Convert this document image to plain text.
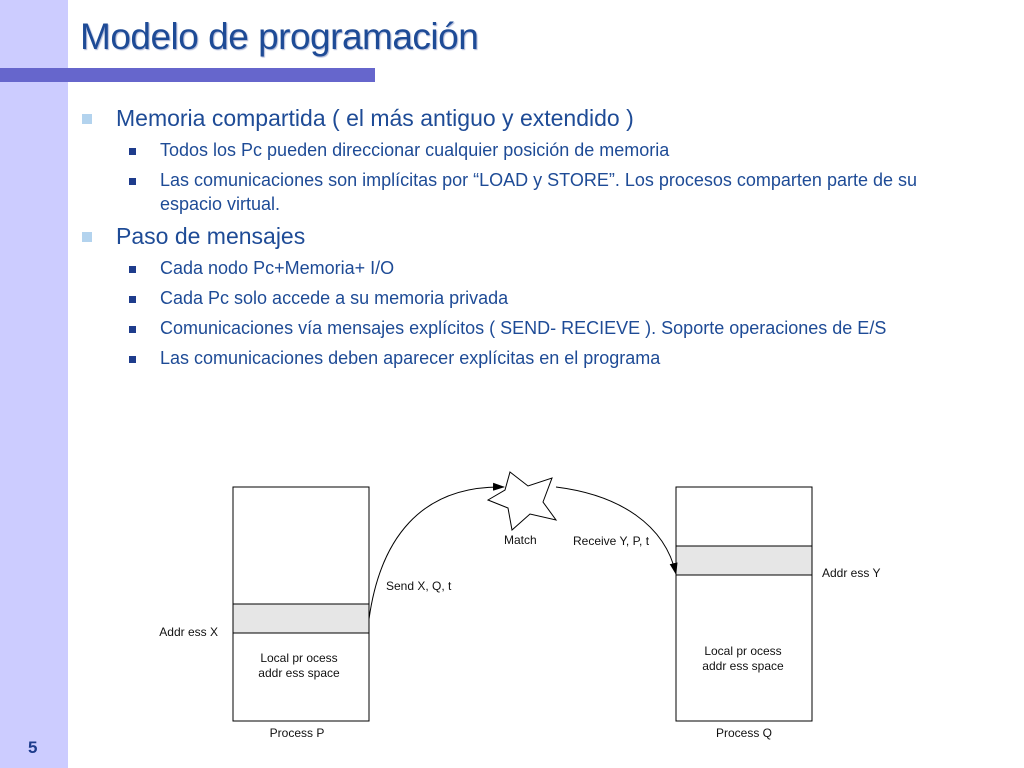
Modelo de programación
Memoria compartida ( el más antiguo y extendido )
Todos los Pc pueden direccionar cualquier posición de memoria
Las comunicaciones son implícitas por “LOAD y STORE”. Los procesos comparten parte de su espacio virtual.
Paso de mensajes
Cada nodo Pc+Memoria+ I/O
Cada Pc solo accede a su memoria privada
Comunicaciones vía mensajes explícitos ( SEND- RECIEVE ). Soporte operaciones de E/S
Las comunicaciones deben aparecer explícitas en el programa
Addr ess X
Local pr ocess
addr ess space
Process P
Addr ess Y
Local pr ocess
addr ess space
Process Q
Send X, Q, t
Match	Receive Y, P, t
5
